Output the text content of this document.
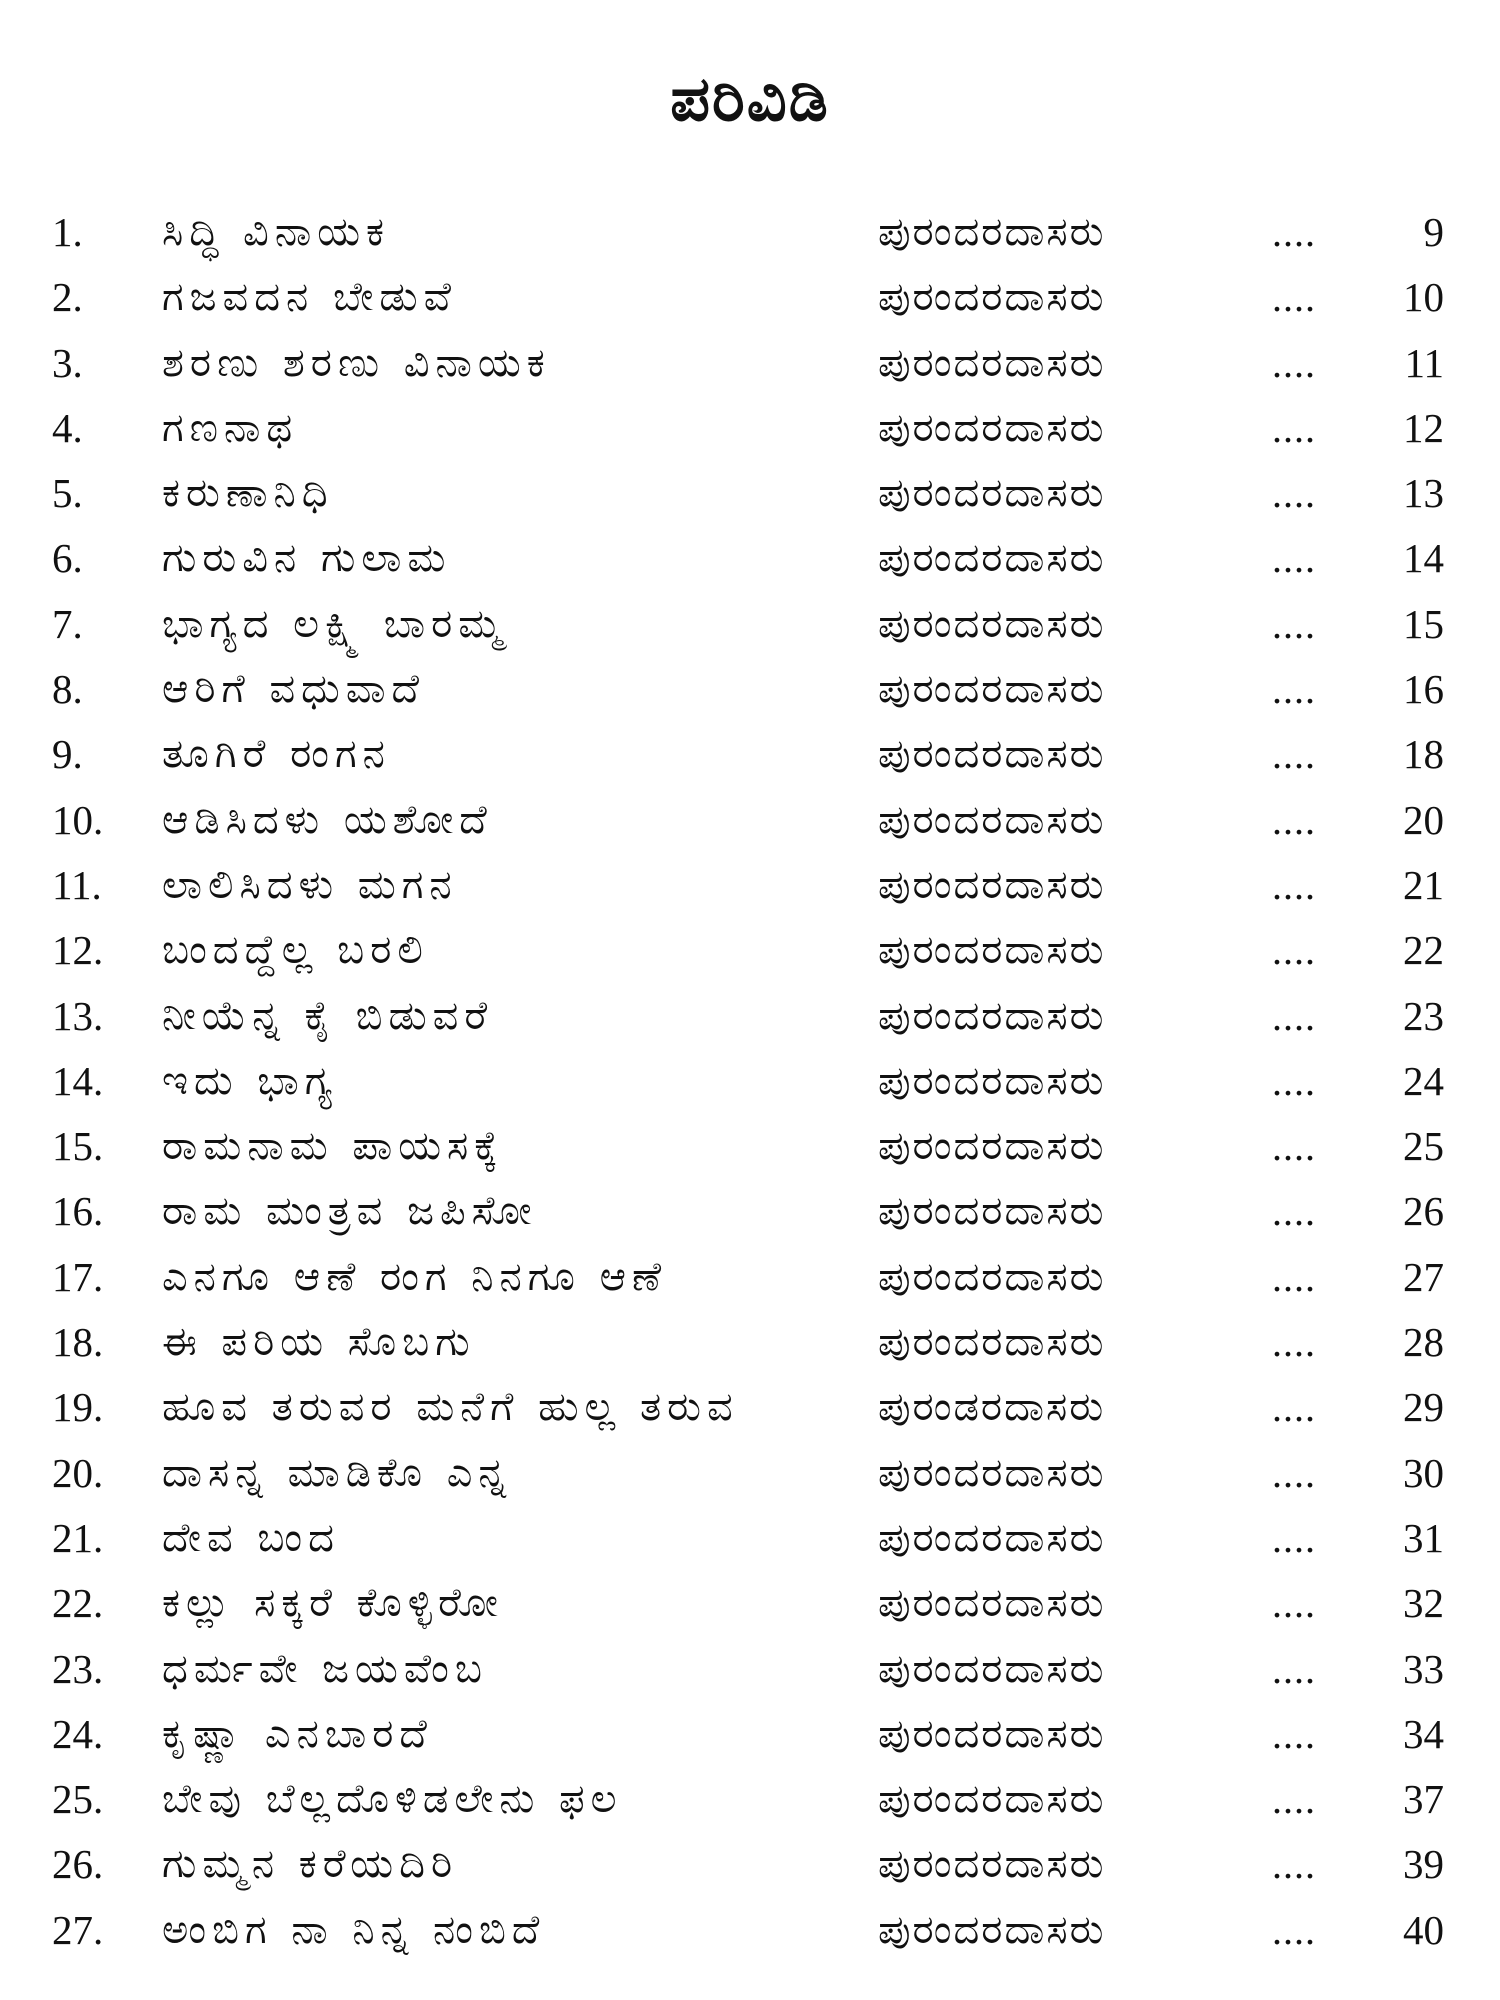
ಪರಿವಿಡಿ
1. ಸಿದ್ಧಿ ವಿನಾಯಕ	ಪುರಂದರದಾಸರು	....	9
2. ಗಜವದನ ಬೇಡುವೆ	ಪುರಂದರದಾಸರು	.... 10
3. ಶರಣು ಶರಣು ವಿನಾಯಕ	ಪುರಂದರದಾಸರು	.... 11
4. ಗಣನಾಥ	ಪುರಂದರದಾಸರು	.... 12
5. ಕರುಣಾನಿಧಿ	ಪುರಂದರದಾಸರು	.... 13
6. ಗುರುವಿನ ಗುಲಾಮ	ಪುರಂದರದಾಸರು	.... 14
7. ಭಾಗ್ಯದ ಲಕ್ಷ್ಮಿ ಬಾರಮ್ಮ	ಪುರಂದರದಾಸರು	.... 15
8. ಆರಿಗೆ ವಧುವಾದೆ	ಪುರಂದರದಾಸರು	.... 16
9. ತೂಗಿರೆ ರಂಗನ	ಪುರಂದರದಾಸರು	.... 18
10. ಆಡಿಸಿದಳು ಯಶೋದೆ	ಪುರಂದರದಾಸರು	.... 20
11. ಲಾಲಿಸಿದಳು ಮಗನ	ಪುರಂದರದಾಸರು	.... 21
12. ಬಂದದ್ದೆಲ್ಲ ಬರಲಿ	ಪುರಂದರದಾಸರು	.... 22
13. ನೀಯೆನ್ನ ಕೈ ಬಿಡುವರೆ	ಪುರಂದರದಾಸರು	.... 23
14. ಇದು ಭಾಗ್ಯ	ಪುರಂದರದಾಸರು	.... 24
15. ರಾಮನಾಮ ಪಾಯಸಕ್ಕೆ	ಪುರಂದರದಾಸರು	.... 25
16. ರಾಮ ಮಂತ್ರವ ಜಪಿಸೋ	ಪುರಂದರದಾಸರು	.... 26
17. ಎನಗೂ ಆಣೆ ರಂಗ ನಿನಗೂ ಆಣೆ	ಪುರಂದರದಾಸರು	.... 27
18. ಈ ಪರಿಯ ಸೊಬಗು	ಪುರಂದರದಾಸರು	.... 28
19. ಹೂವ ತರುವರ ಮನೆಗೆ ಹುಲ್ಲ ತರುವ	ಪುರಂಡರದಾಸರು	.... 29
20. ದಾಸನ್ನ ಮಾಡಿಕೊ ಎನ್ನ	ಪುರಂದರದಾಸರು	.... 30
21. ದೇವ ಬಂದ	ಪುರಂದರದಾಸರು	.... 31
22. ಕಲ್ಲು ಸಕ್ಕರೆ ಕೊಳ್ಳಿರೋ	ಪುರಂದರದಾಸರು	.... 32
23. ಧರ್ಮವೇ ಜಯವೆಂಬ	ಪುರಂದರದಾಸರು	.... 33
24. ಕೃಷ್ಣಾ ಎನಬಾರದೆ	ಪುರಂದರದಾಸರು	.... 34
25. ಬೇವು ಬೆಲ್ಲದೊಳಿಡಲೇನು ಫಲ	ಪುರಂದರದಾಸರು	.... 37
26. ಗುಮ್ಮನ ಕರೆಯದಿರಿ	ಪುರಂದರದಾಸರು	.... 39
27. ಅಂಬಿಗ ನಾ ನಿನ್ನ ನಂಬಿದೆ	ಪುರಂದರದಾಸರು	.... 40
